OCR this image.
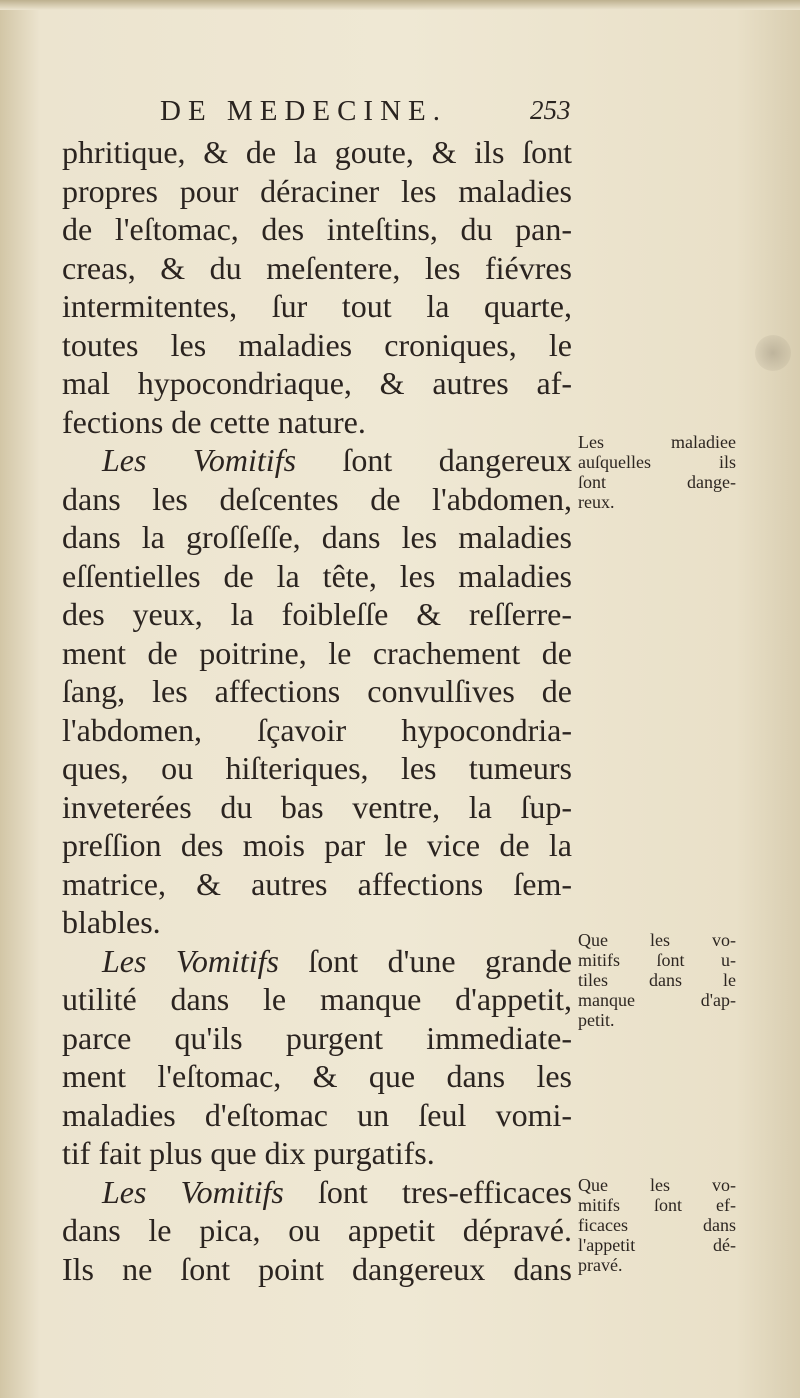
DE MEDECINE.	253
phritique, & de la goute, & ils ſont
propres pour déraciner les maladies
de l'eſtomac, des inteſtins, du pan-
creas, & du meſentere, les fiévres
intermitentes, ſur tout la quarte,
toutes les maladies croniques, le
mal hypocondriaque, & autres af-
fections de cette nature.
Les Vomitifs ſont dangereux
dans les deſcentes de l'abdomen,
dans la groſſeſſe, dans les maladies
eſſentielles de la tête, les maladies
des yeux, la foibleſſe & reſſerre-
ment de poitrine, le crachement de
ſang, les affections convulſives de
l'abdomen, ſçavoir hypocondria-
ques, ou hiſteriques, les tumeurs
inveterées du bas ventre, la ſup-
preſſion des mois par le vice de la
matrice, & autres affections ſem-
blables.
Les Vomitifs ſont d'une grande
utilité dans le manque d'appetit,
parce qu'ils purgent immediate-
ment l'eſtomac, & que dans les
maladies d'eſtomac un ſeul vomi-
tif fait plus que dix purgatifs.
Les Vomitifs ſont tres-efficaces
dans le pica, ou appetit dépravé.
Ils ne ſont point dangereux dans
Les maladiee
auſquelles ils
ſont dange-
reux.
Que les vo-
mitifs ſont u-
tiles dans le
manque d'ap-
petit.
Que les vo-
mitifs ſont ef-
ficaces dans
l'appetit dé-
pravé.
